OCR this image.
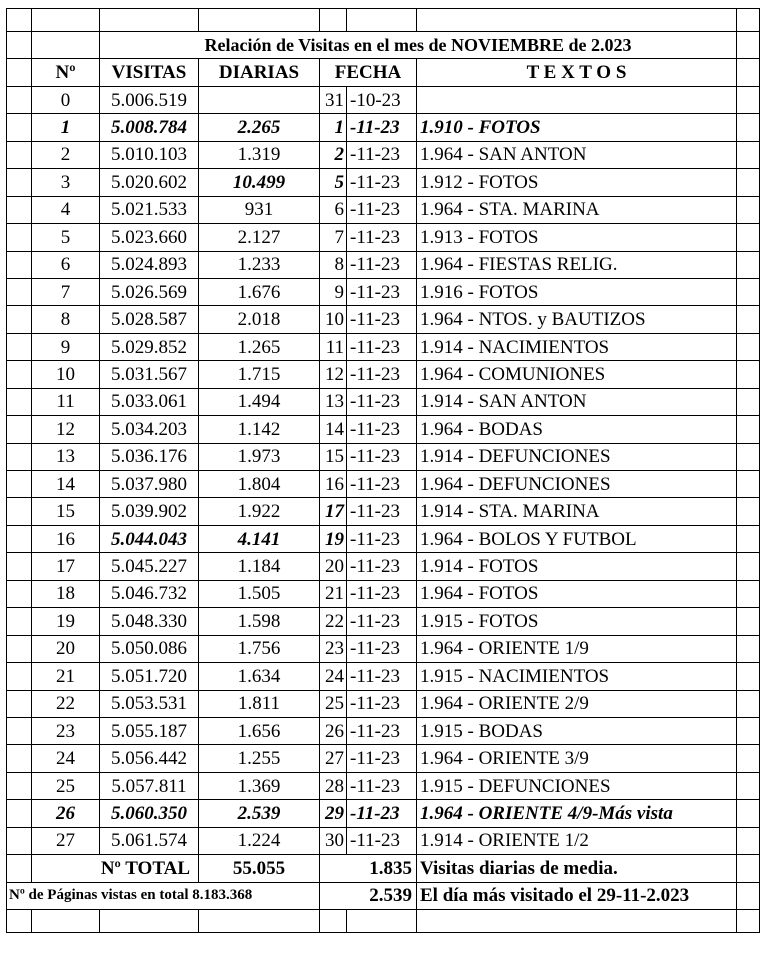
		Relación de Visitas en el mes de NOVIEMBRE de 2.023					
	Nº	VISITAS	DIARIAS	FECHA		T E X T O S	
	0	5.006.519		31	-10-23		
	1	5.008.784	2.265	1	-11-23	1.910 - FOTOS	
	2	5.010.103	1.319	2	-11-23	1.964 - SAN ANTON	
	3	5.020.602	10.499	5	-11-23	1.912 - FOTOS	
	4	5.021.533	931	6	-11-23	1.964 - STA. MARINA	
	5	5.023.660	2.127	7	-11-23	1.913 - FOTOS	
	6	5.024.893	1.233	8	-11-23	1.964 - FIESTAS RELIG.	
	7	5.026.569	1.676	9	-11-23	1.916 - FOTOS	
	8	5.028.587	2.018	10	-11-23	1.964 - NTOS. y BAUTIZOS	
	9	5.029.852	1.265	11	-11-23	1.914 - NACIMIENTOS	
	10	5.031.567	1.715	12	-11-23	1.964 - COMUNIONES	
	11	5.033.061	1.494	13	-11-23	1.914 - SAN ANTON	
	12	5.034.203	1.142	14	-11-23	1.964 - BODAS	
	13	5.036.176	1.973	15	-11-23	1.914 - DEFUNCIONES	
	14	5.037.980	1.804	16	-11-23	1.964 - DEFUNCIONES	
	15	5.039.902	1.922	17	-11-23	1.914 - STA. MARINA	
	16	5.044.043	4.141	19	-11-23	1.964 - BOLOS Y FUTBOL	
	17	5.045.227	1.184	20	-11-23	1.914 - FOTOS	
	18	5.046.732	1.505	21	-11-23	1.964 - FOTOS	
	19	5.048.330	1.598	22	-11-23	1.915 - FOTOS	
	20	5.050.086	1.756	23	-11-23	1.964 - ORIENTE 1/9	
	21	5.051.720	1.634	24	-11-23	1.915 - NACIMIENTOS	
	22	5.053.531	1.811	25	-11-23	1.964 - ORIENTE 2/9	
	23	5.055.187	1.656	26	-11-23	1.915 - BODAS	
	24	5.056.442	1.255	27	-11-23	1.964 - ORIENTE 3/9	
	25	5.057.811	1.369	28	-11-23	1.915 - DEFUNCIONES	
	26	5.060.350	2.539	29	-11-23	1.964 - ORIENTE 4/9-Más vista	
	27	5.061.574	1.224	30	-11-23	1.914 - ORIENTE 1/2	
	Nº TOTAL		55.055	1.835		Visitas diarias de media.	
Nº de Páginas vistas en total 8.183.368				2.539		El día más visitado el 29-11-2.023	
